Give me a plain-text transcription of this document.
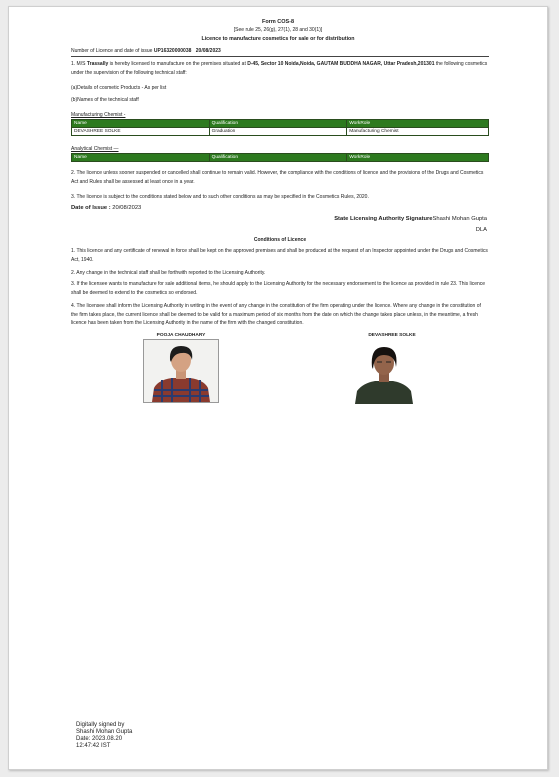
Form COS-8
[See rule 25, 26(g), 27(1), 28 and 30(1)]
Licence to manufacture cosmetics for sale or for distribution
Number of Licence and date of issue UP16320000038 20/08/2023
1. M/S Trassally is hereby licensed to manufacture on the premises situated at D-45, Sector 10 Noida,Noida, GAUTAM BUDDHA NAGAR, Uttar Pradesh,201301 the following cosmetics under the supervision of the following technical staff:
(a)Details of cosmetic Products - As per list
(b)Names of the technical staff
Manufacturing Chemist -
Name	Qualification	WorkRole
DEVASHREE SOLKE	Graduation	Manufacturing Chemist
Analytical Chemist —
Name	Qualification	WorkRole
2. The licence unless sooner suspended or cancelled shall continue to remain valid. However, the compliance with the conditions of licence and the provisions of the Drugs and Cosmetics Act and Rules shall be assessed at least once in a year.
3. The licence is subject to the conditions stated below and to such other conditions as may be specified in the Cosmetics Rules, 2020.
Date of Issue : 20/08/2023
State Licensing Authority SignatureShashi Mohan Gupta
DLA
Conditions of Licence
1. This licence and any certificate of renewal in force shall be kept on the approved premises and shall be produced at the request of an Inspector appointed under the Drugs and Cosmetics Act, 1940.
2. Any change in the technical staff shall be forthwith reported to the Licensing Authority.
3. If the licensee wants to manufacture for sale additional items, he should apply to the Licensing Authority for the necessary endorsement to the licence as provided in rule 23. This licence shall be deemed to extend to the cosmetics so endorsed.
4. The licensee shall inform the Licensing Authority in writing in the event of any change in the constitution of the firm operating under the licence. Where any change in the constitution of the firm takes place, the current licence shall be deemed to be valid for a maximum period of six months from the date on which the change takes place unless, in the meantime, a fresh licence has been taken from the Licensing Authority in the name of the firm with the changed constitution.
POOJA CHAUDHARY	DEVASHREE SOLKE
Digitally signed by
Shashi Mohan Gupta
Date: 2023.08.20
12:47:42 IST
